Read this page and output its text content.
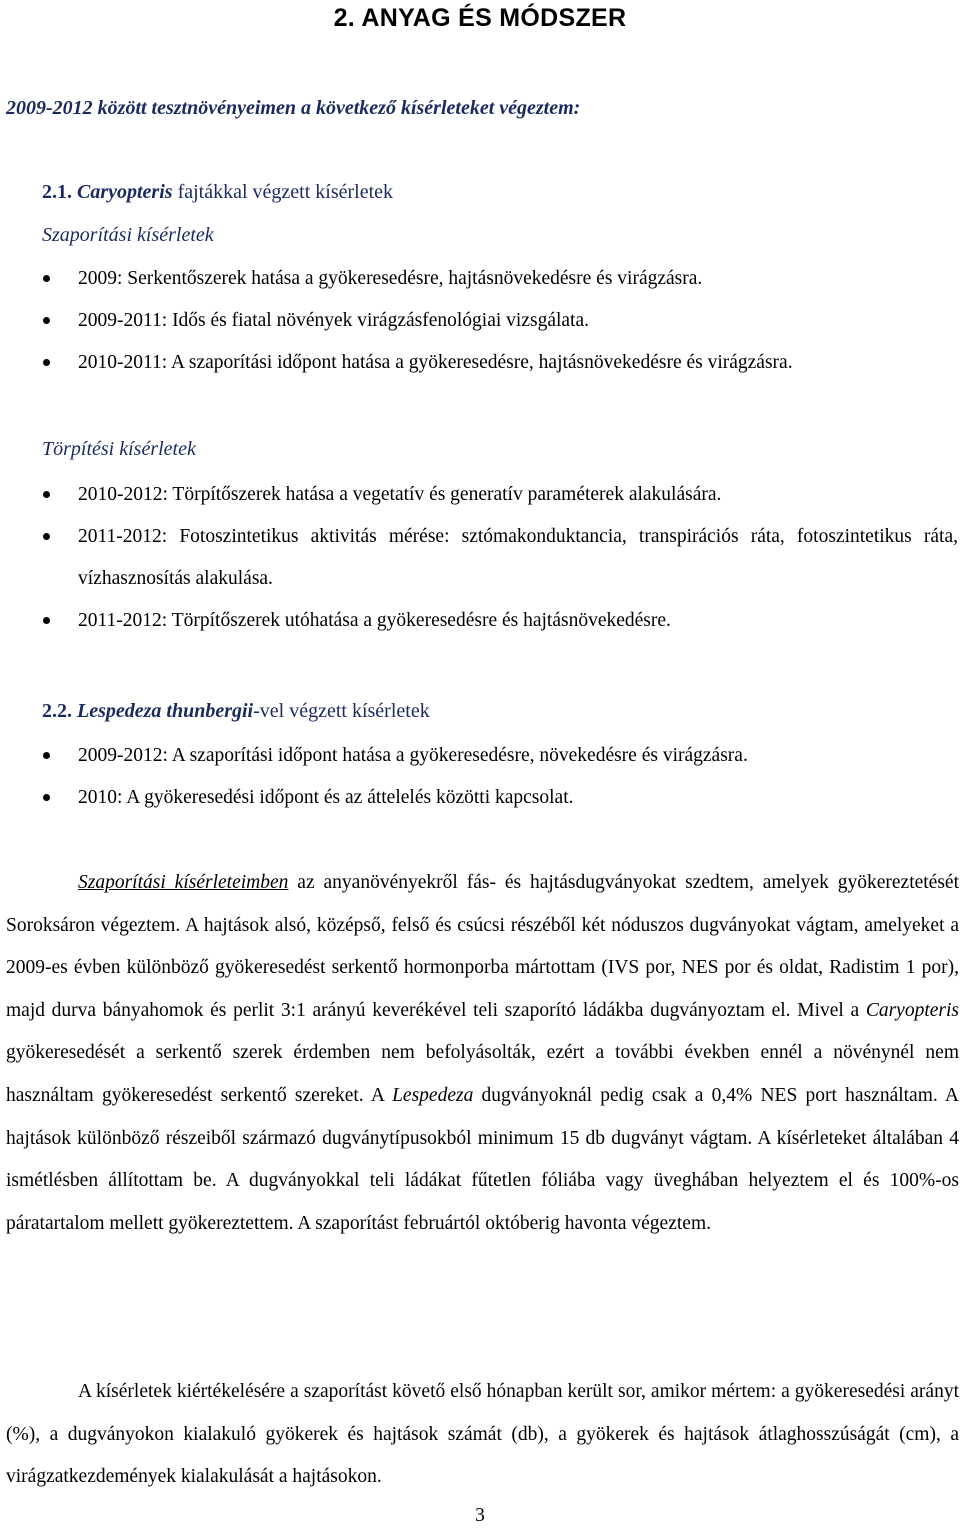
2. ANYAG ÉS MÓDSZER

2009-2012 között tesztnövényeimen a következő kísérleteket végeztem:

2.1. Caryopteris fajtákkal végzett kísérletek

Szaporítási kísérletek

2009: Serkentőszerek hatása a gyökeresedésre, hajtásnövekedésre és virágzásra.
2009-2011: Idős és fiatal növények virágzásfenológiai vizsgálata.
2010-2011: A szaporítási időpont hatása a gyökeresedésre, hajtásnövekedésre és virágzásra.

Törpítési kísérletek

2010-2012: Törpítőszerek hatása a vegetatív és generatív paraméterek alakulására.
2011-2012: Fotoszintetikus aktivitás mérése: sztómakonduktancia, transpirációs ráta, fotoszintetikus ráta, vízhasznosítás alakulása.
2011-2012: Törpítőszerek utóhatása a gyökeresedésre és hajtásnövekedésre.

2.2. Lespedeza thunbergii-vel végzett kísérletek

2009-2012: A szaporítási időpont hatása a gyökeresedésre, növekedésre és virágzásra.
2010: A gyökeresedési időpont és az áttelelés közötti kapcsolat.

Szaporítási kísérleteimben az anyanövényekről fás- és hajtásdugványokat szedtem, amelyek gyökereztetését Soroksáron végeztem. A hajtások alsó, középső, felső és csúcsi részéből két nóduszos dugványokat vágtam, amelyeket a 2009-es évben különböző gyökeresedést serkentő hormonporba mártottam (IVS por, NES por és oldat, Radistim 1 por), majd durva bányahomok és perlit 3:1 arányú keverékével teli szaporító ládákba dugványoztam el. Mivel a Caryopteris gyökeresedését a serkentő szerek érdemben nem befolyásolták, ezért a további években ennél a növénynél nem használtam gyökeresedést serkentő szereket. A Lespedeza dugványoknál pedig csak a 0,4% NES port használtam. A hajtások különböző részeiből származó dugványtípusokból minimum 15 db dugványt vágtam. A kísérleteket általában 4 ismétlésben állítottam be. A dugványokkal teli ládákat fűtetlen fóliába vagy üveghában helyeztem el és 100%-os páratartalom mellett gyökereztettem. A szaporítást februártól októberig havonta végeztem.

A kísérletek kiértékelésére a szaporítást követő első hónapban került sor, amikor mértem: a gyökeresedési arányt (%), a dugványokon kialakuló gyökerek és hajtások számát (db), a gyökerek és hajtások átlaghosszúságát (cm), a virágzatkezdemények kialakulását a hajtásokon.

3
